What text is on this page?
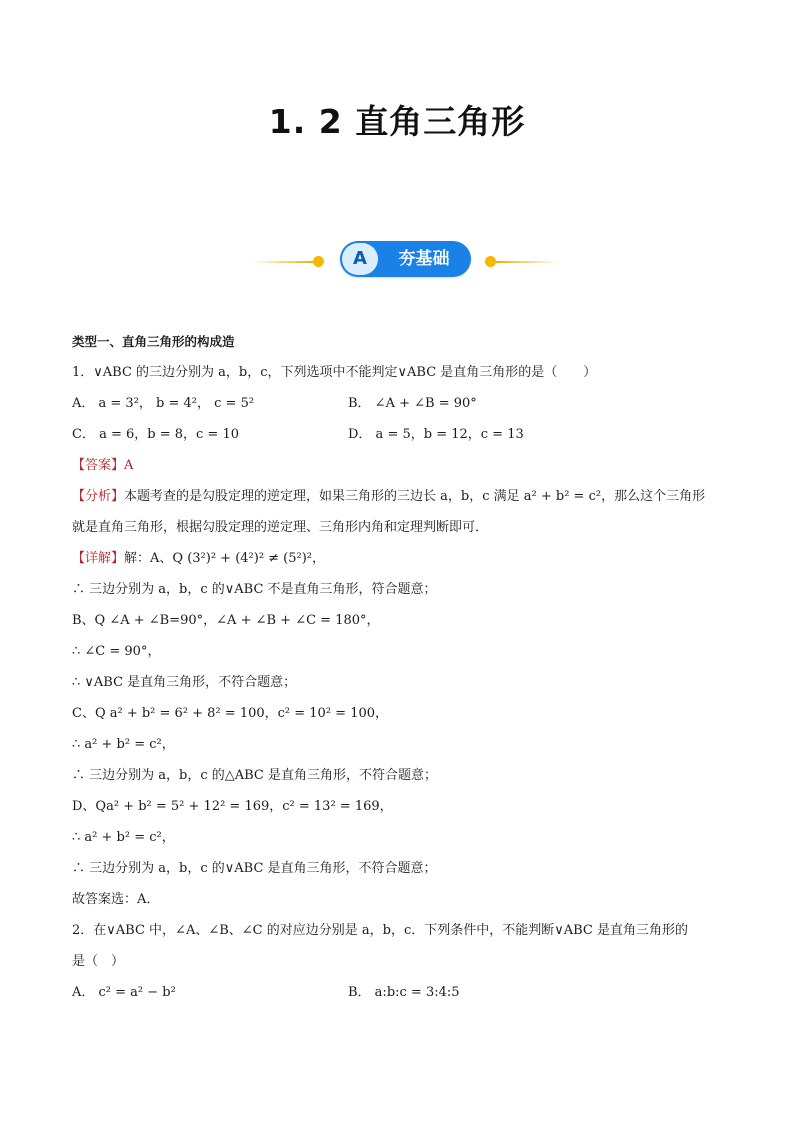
1. 2 直角三角形
A	夯基础
类型一、直角三角形的构成造
1．∨ABC 的三边分别为 a，b，c，下列选项中不能判定∨ABC 是直角三角形的是（　　）
A． a = 3²， b = 4²， c = 5²	B． ∠A + ∠B = 90°
C． a = 6，b = 8，c = 10	D． a = 5，b = 12，c = 13
【答案】A
【分析】本题考查的是勾股定理的逆定理，如果三角形的三边长 a，b，c 满足 a² + b² = c²，那么这个三角形
就是直角三角形，根据勾股定理的逆定理、三角形内角和定理判断即可．
【详解】解：A、Q (3²)² + (4²)² ≠ (5²)²，
∴ 三边分别为 a，b，c 的∨ABC 不是直角三角形，符合题意；
B、Q ∠A + ∠B=90°，∠A + ∠B + ∠C = 180°，
∴ ∠C = 90°，
∴ ∨ABC 是直角三角形，不符合题意；
C、Q a² + b² = 6² + 8² = 100，c² = 10² = 100，
∴ a² + b² = c²，
∴ 三边分别为 a，b，c 的△ABC 是直角三角形，不符合题意；
D、Qa² + b² = 5² + 12² = 169，c² = 13² = 169，
∴ a² + b² = c²，
∴ 三边分别为 a，b，c 的∨ABC 是直角三角形，不符合题意；
故答案选：A．
2．在∨ABC 中，∠A、∠B、∠C 的对应边分别是 a，b，c．下列条件中，不能判断∨ABC 是直角三角形的
是（　）
A． c² = a² − b²	B． a:b:c = 3:4:5
